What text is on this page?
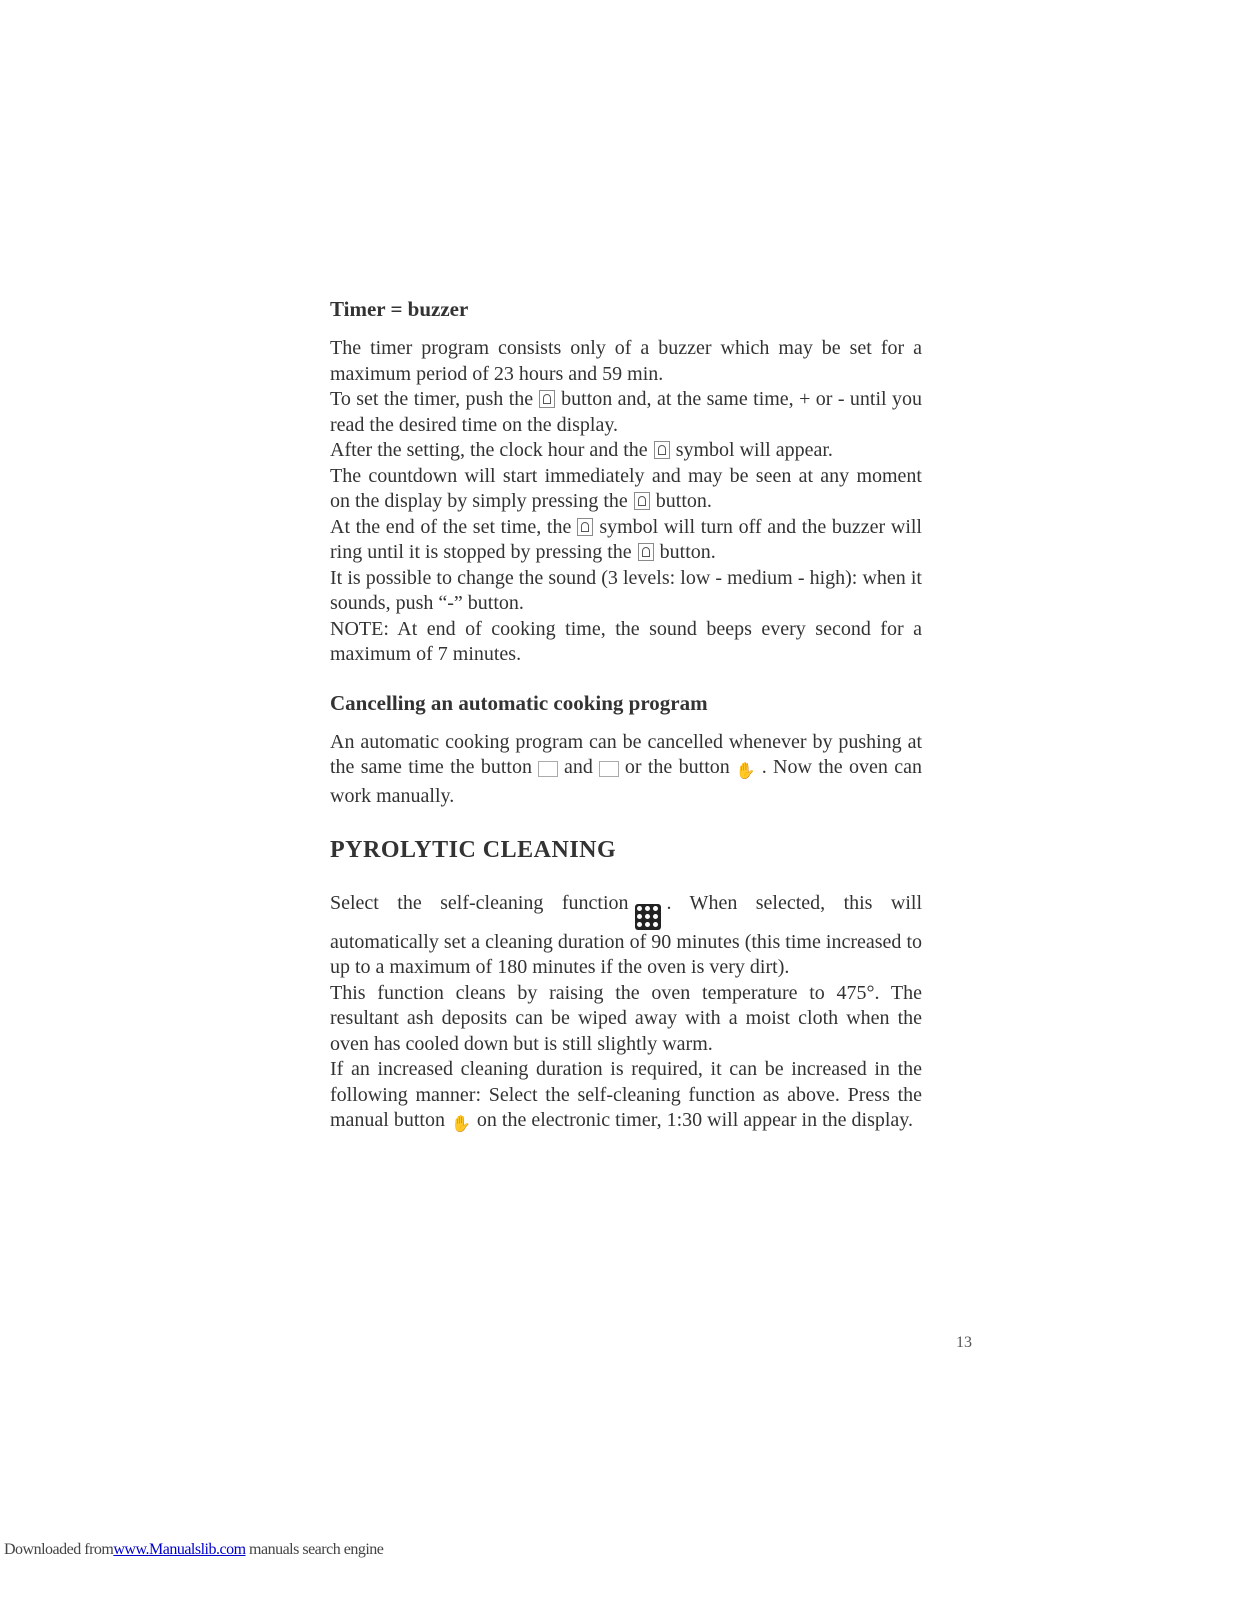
Timer = buzzer

The timer program consists only of a buzzer which may be set for a maximum period of 23 hours and 59 min.

To set the timer, push the button and, at the same time, + or - until you read the desired time on the display.

After the setting, the clock hour and the symbol will appear.

The countdown will start immediately and may be seen at any moment on the display by simply pressing the button.

At the end of the set time, the symbol will turn off and the buzzer will ring until it is stopped by pressing the button.

It is possible to change the sound (3 levels: low - medium - high): when it sounds, push “-” button.

NOTE: At end of cooking time, the sound beeps every second for a maximum of 7 minutes.

Cancelling an automatic cooking program

An automatic cooking program can be cancelled whenever by pushing at the same time the button and or the button ✋ . Now the oven can work manually.

PYROLYTIC CLEANING

Select the self-cleaning function . When selected, this will automatically set a cleaning duration of 90 minutes (this time increased to up to a maximum of 180 minutes if the oven is very dirt).

This function cleans by raising the oven temperature to 475°. The resultant ash deposits can be wiped away with a moist cloth when the oven has cooled down but is still slightly warm.

If an increased cleaning duration is required, it can be increased in the following manner: Select the self-cleaning function as above. Press the manual button ✋ on the electronic timer, 1:30 will appear in the display.

13
Downloaded fromwww.Manualslib.com manuals search engine
